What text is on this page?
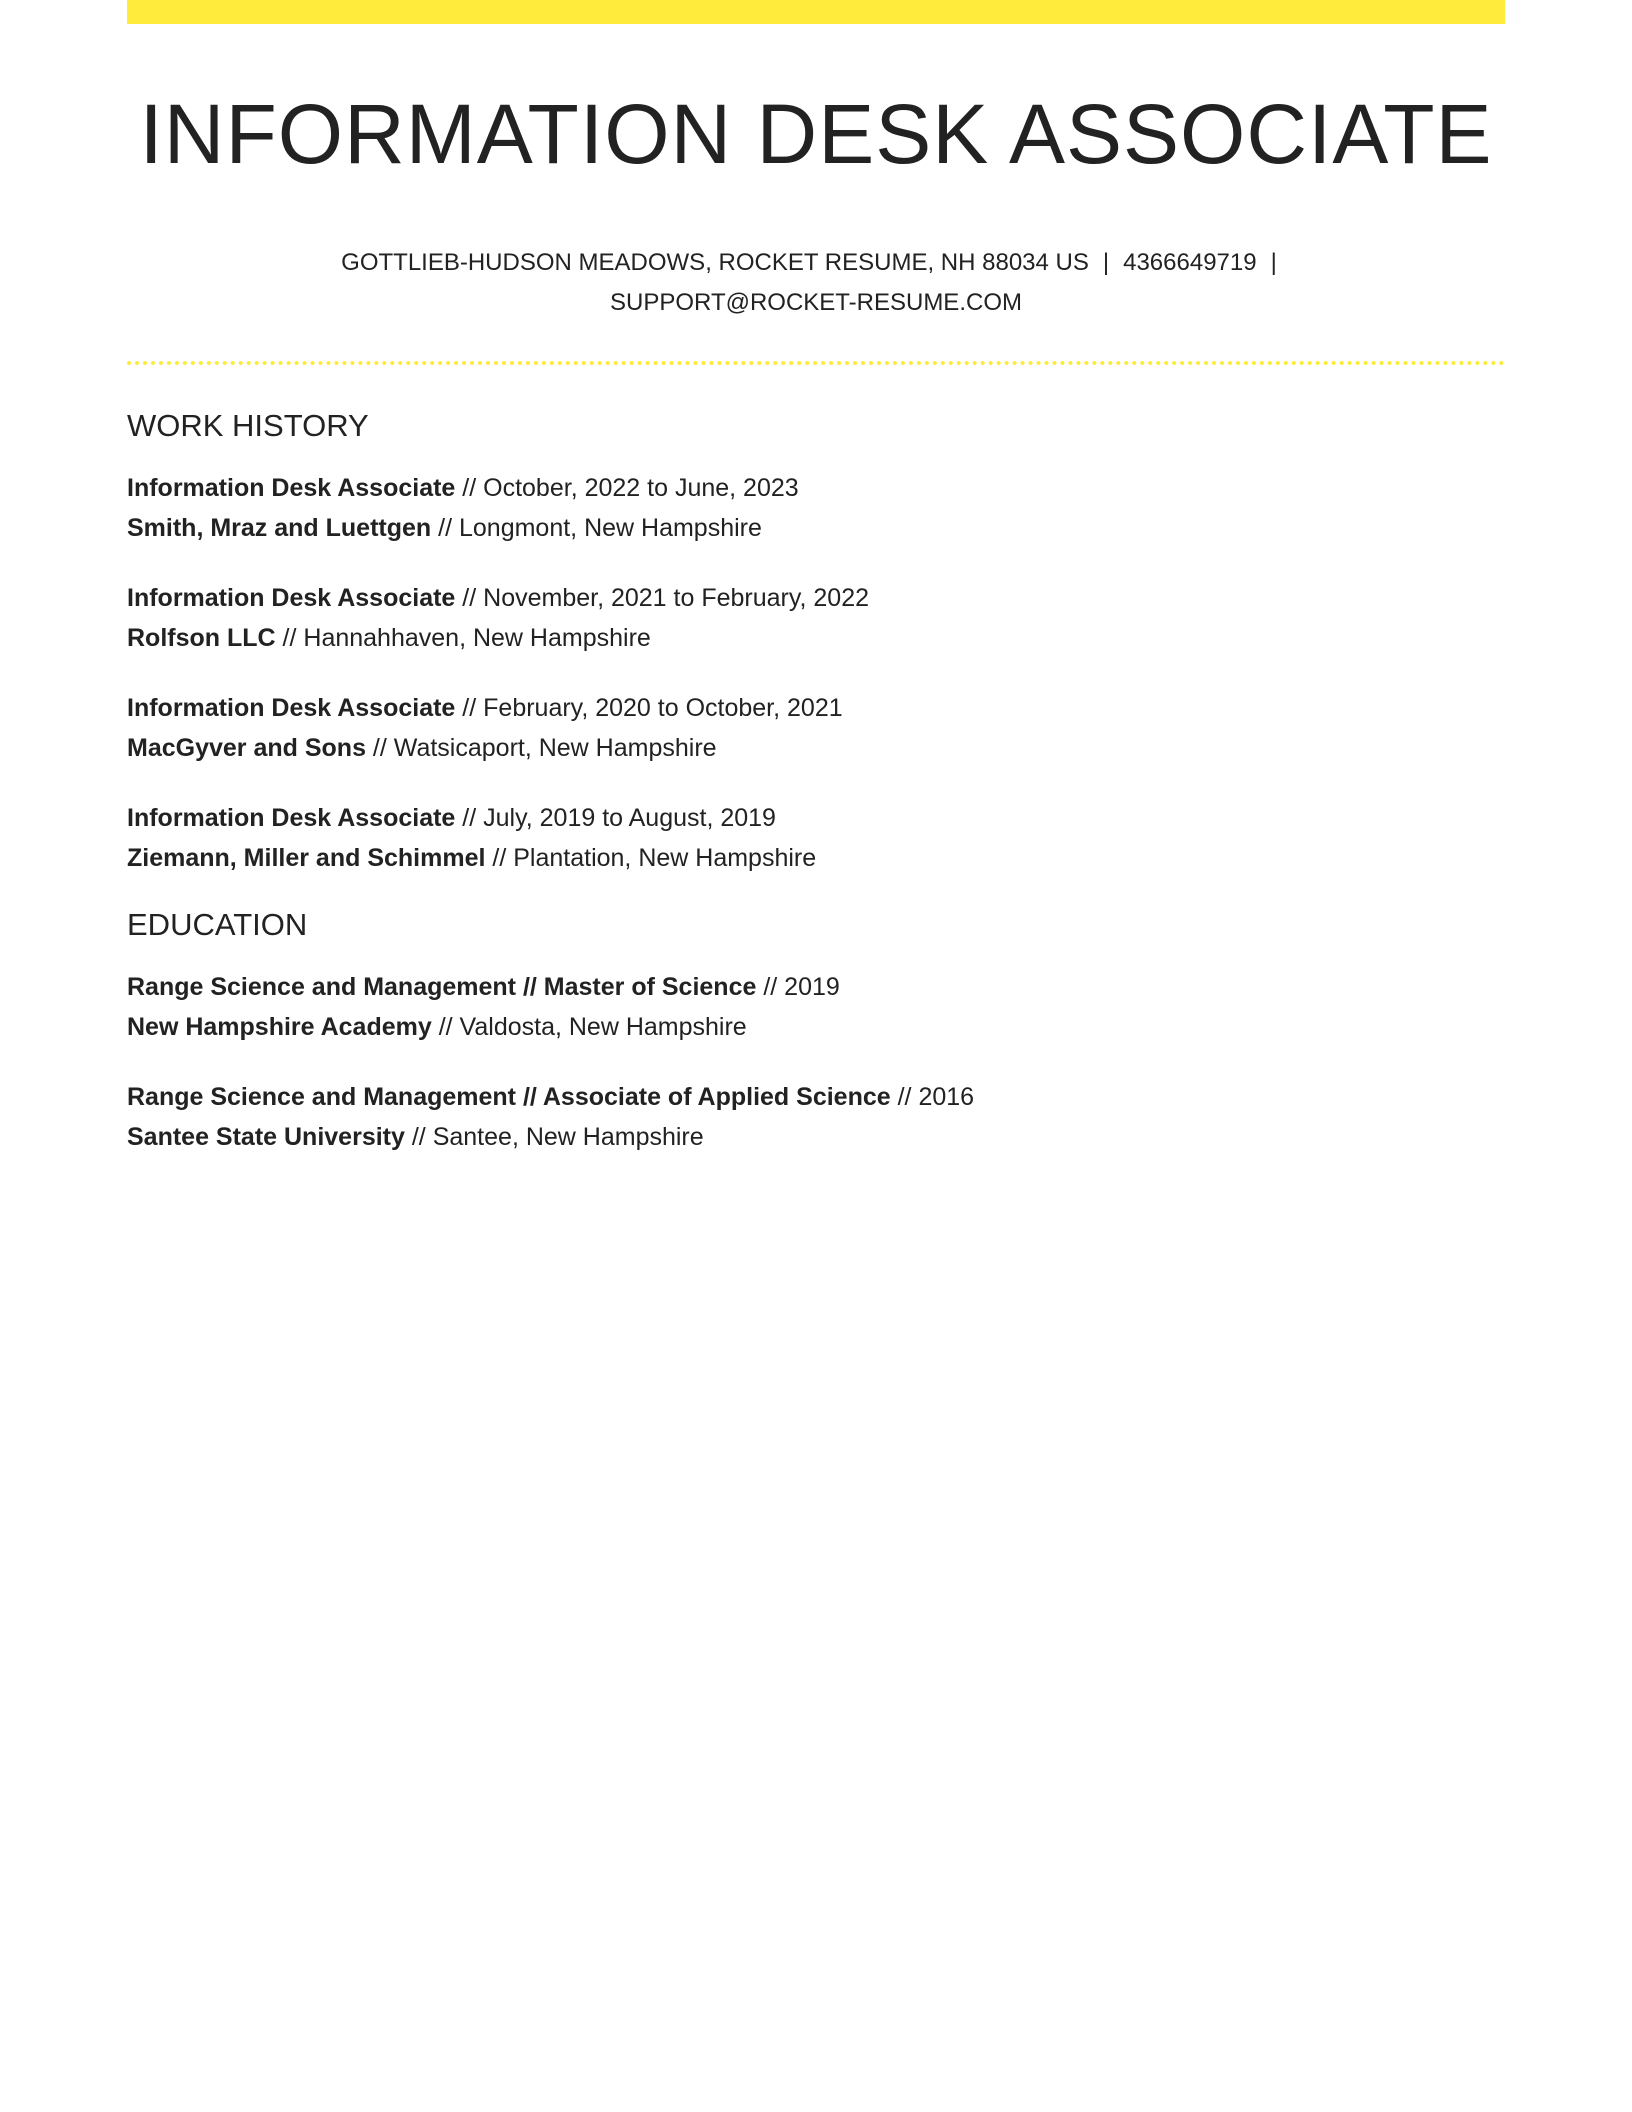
INFORMATION DESK ASSOCIATE
GOTTLIEB-HUDSON MEADOWS, ROCKET RESUME, NH 88034 US | 4366649719 |
SUPPORT@ROCKET-RESUME.COM
WORK HISTORY
Information Desk Associate // October, 2022 to June, 2023
Smith, Mraz and Luettgen // Longmont, New Hampshire
Information Desk Associate // November, 2021 to February, 2022
Rolfson LLC // Hannahhaven, New Hampshire
Information Desk Associate // February, 2020 to October, 2021
MacGyver and Sons // Watsicaport, New Hampshire
Information Desk Associate // July, 2019 to August, 2019
Ziemann, Miller and Schimmel // Plantation, New Hampshire
EDUCATION
Range Science and Management // Master of Science // 2019
New Hampshire Academy // Valdosta, New Hampshire
Range Science and Management // Associate of Applied Science // 2016
Santee State University // Santee, New Hampshire
